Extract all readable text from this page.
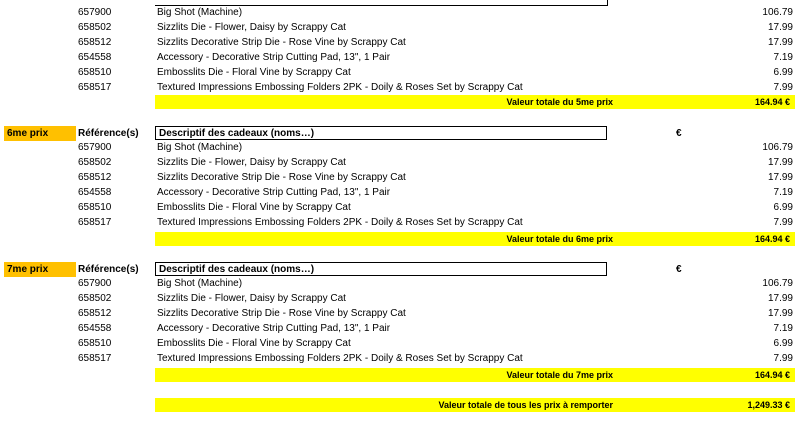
657900	Big Shot (Machine)	106.79
658502	Sizzlits Die - Flower, Daisy by Scrappy Cat	17.99
658512	Sizzlits Decorative Strip Die - Rose Vine by Scrappy Cat	17.99
654558	Accessory - Decorative Strip Cutting Pad, 13", 1 Pair	7.19
658510	Embosslits Die - Floral Vine by Scrappy Cat	6.99
658517	Textured Impressions Embossing Folders 2PK - Doily & Roses Set by Scrappy Cat	7.99
Valeur totale du 5me prix	164.94 €
6me prix	Référence(s)	Descriptif des cadeaux (noms…)	€
657900	Big Shot (Machine)	106.79
658502	Sizzlits Die - Flower, Daisy by Scrappy Cat	17.99
658512	Sizzlits Decorative Strip Die - Rose Vine by Scrappy Cat	17.99
654558	Accessory - Decorative Strip Cutting Pad, 13", 1 Pair	7.19
658510	Embosslits Die - Floral Vine by Scrappy Cat	6.99
658517	Textured Impressions Embossing Folders 2PK - Doily & Roses Set by Scrappy Cat	7.99
Valeur totale du 6me prix	164.94 €
7me prix	Référence(s)	Descriptif des cadeaux (noms…)	€
657900	Big Shot (Machine)	106.79
658502	Sizzlits Die - Flower, Daisy by Scrappy Cat	17.99
658512	Sizzlits Decorative Strip Die - Rose Vine by Scrappy Cat	17.99
654558	Accessory - Decorative Strip Cutting Pad, 13", 1 Pair	7.19
658510	Embosslits Die - Floral Vine by Scrappy Cat	6.99
658517	Textured Impressions Embossing Folders 2PK - Doily & Roses Set by Scrappy Cat	7.99
Valeur totale du 7me prix	164.94 €
Valeur totale de tous les prix à remporter	1,249.33 €
